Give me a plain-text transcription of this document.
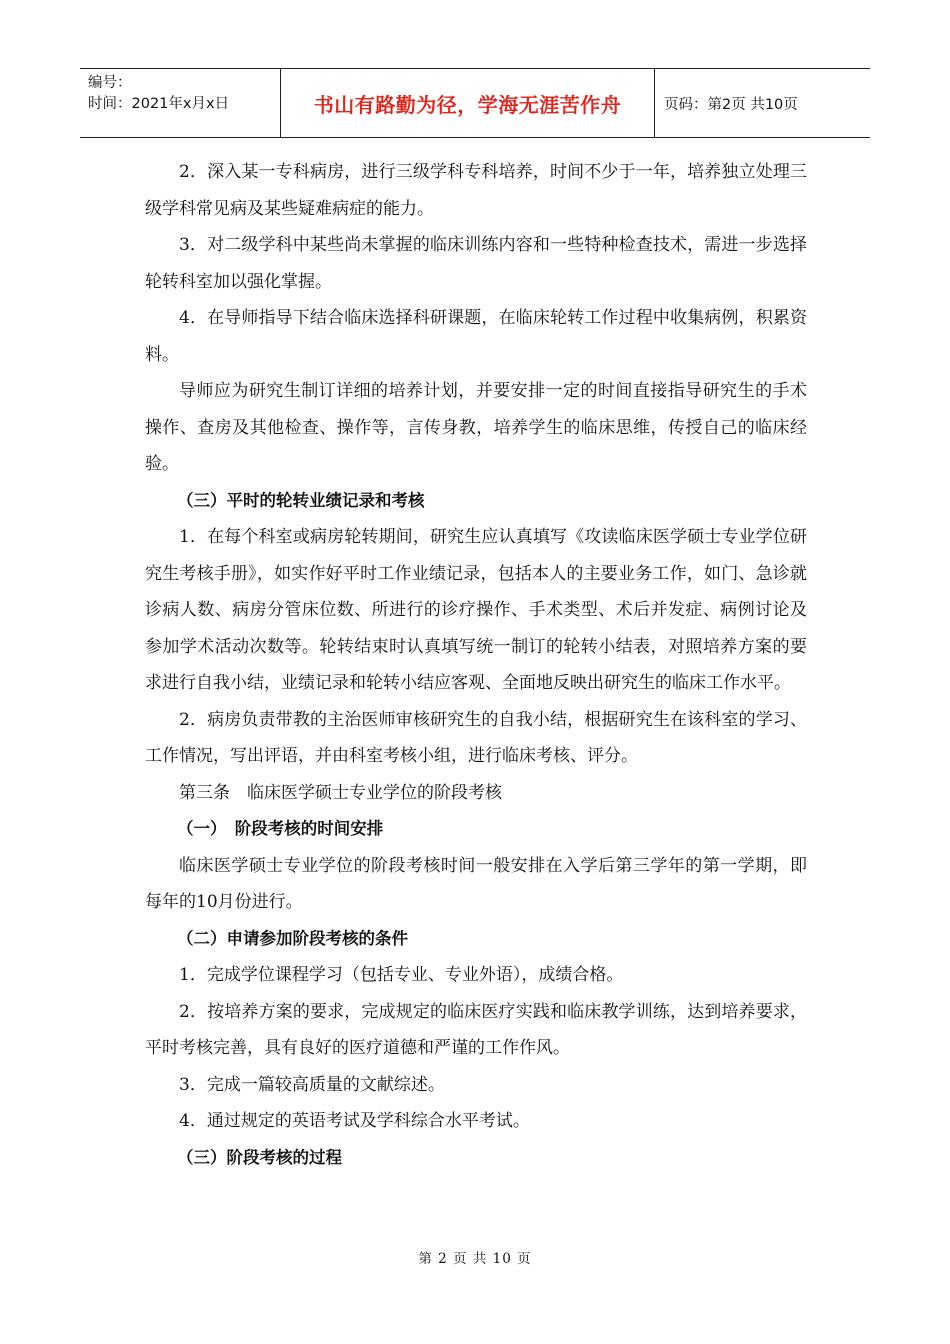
编号：
时间：2021年x月x日	书山有路勤为径，学海无涯苦作舟	页码：第2页 共10页

2．深入某一专科病房，进行三级学科专科培养，时间不少于一年，培养独立处理三级学科常见病及某些疑难病症的能力。

3．对二级学科中某些尚未掌握的临床训练内容和一些特种检查技术，需进一步选择轮转科室加以强化掌握。

4．在导师指导下结合临床选择科研课题，在临床轮转工作过程中收集病例，积累资料。

导师应为研究生制订详细的培养计划，并要安排一定的时间直接指导研究生的手术操作、查房及其他检查、操作等，言传身教，培养学生的临床思维，传授自己的临床经验。

（三）平时的轮转业绩记录和考核

1．在每个科室或病房轮转期间，研究生应认真填写《攻读临床医学硕士专业学位研究生考核手册》，如实作好平时工作业绩记录，包括本人的主要业务工作，如门、急诊就诊病人数、病房分管床位数、所进行的诊疗操作、手术类型、术后并发症、病例讨论及参加学术活动次数等。轮转结束时认真填写统一制订的轮转小结表，对照培养方案的要求进行自我小结，业绩记录和轮转小结应客观、全面地反映出研究生的临床工作水平。

2．病房负责带教的主治医师审核研究生的自我小结，根据研究生在该科室的学习、工作情况，写出评语，并由科室考核小组，进行临床考核、评分。

第三条　临床医学硕士专业学位的阶段考核

（一）　阶段考核的时间安排

临床医学硕士专业学位的阶段考核时间一般安排在入学后第三学年的第一学期，即每年的10月份进行。

（二）申请参加阶段考核的条件

1．完成学位课程学习（包括专业、专业外语），成绩合格。

2．按培养方案的要求，完成规定的临床医疗实践和临床教学训练，达到培养要求，平时考核完善，具有良好的医疗道德和严谨的工作作风。

3．完成一篇较高质量的文献综述。

4．通过规定的英语考试及学科综合水平考试。

（三）阶段考核的过程

第 2 页 共 10 页
